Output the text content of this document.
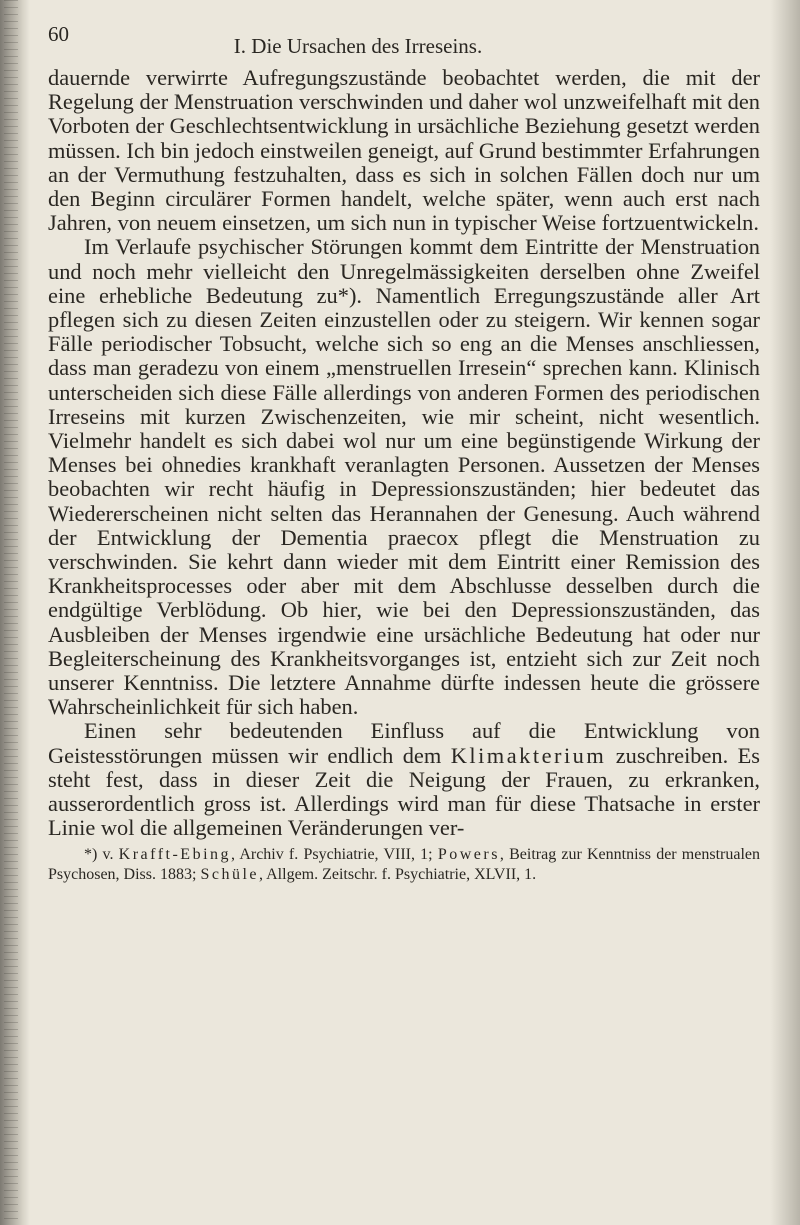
60	I. Die Ursachen des Irreseins.

dauernde verwirrte Aufregungszustände beobachtet werden, die mit der Regelung der Menstruation verschwinden und daher wol unzweifelhaft mit den Vorboten der Geschlechtsentwicklung in ursächliche Beziehung gesetzt werden müssen. Ich bin jedoch einstweilen geneigt, auf Grund bestimmter Erfahrungen an der Vermuthung festzuhalten, dass es sich in solchen Fällen doch nur um den Beginn circulärer Formen handelt, welche später, wenn auch erst nach Jahren, von neuem einsetzen, um sich nun in typischer Weise fortzuentwickeln.

Im Verlaufe psychischer Störungen kommt dem Eintritte der Menstruation und noch mehr vielleicht den Unregelmässigkeiten derselben ohne Zweifel eine erhebliche Bedeutung zu*). Namentlich Erregungszustände aller Art pflegen sich zu diesen Zeiten einzustellen oder zu steigern. Wir kennen sogar Fälle periodischer Tobsucht, welche sich so eng an die Menses anschliessen, dass man geradezu von einem „menstruellen Irresein“ sprechen kann. Klinisch unterscheiden sich diese Fälle allerdings von anderen Formen des periodischen Irreseins mit kurzen Zwischenzeiten, wie mir scheint, nicht wesentlich. Vielmehr handelt es sich dabei wol nur um eine begünstigende Wirkung der Menses bei ohnedies krankhaft veranlagten Personen. Aussetzen der Menses beobachten wir recht häufig in Depressionszuständen; hier bedeutet das Wiedererscheinen nicht selten das Herannahen der Genesung. Auch während der Entwicklung der Dementia praecox pflegt die Menstruation zu verschwinden. Sie kehrt dann wieder mit dem Eintritt einer Remission des Krankheitsprocesses oder aber mit dem Abschlusse desselben durch die endgültige Verblödung. Ob hier, wie bei den Depressionszuständen, das Ausbleiben der Menses irgendwie eine ursächliche Bedeutung hat oder nur Begleiterscheinung des Krankheitsvorganges ist, entzieht sich zur Zeit noch unserer Kenntniss. Die letztere Annahme dürfte indessen heute die grössere Wahrscheinlichkeit für sich haben.

Einen sehr bedeutenden Einfluss auf die Entwicklung von Geistesstörungen müssen wir endlich dem Klimakterium zuschreiben. Es steht fest, dass in dieser Zeit die Neigung der Frauen, zu erkranken, ausserordentlich gross ist. Allerdings wird man für diese Thatsache in erster Linie wol die allgemeinen Veränderungen ver-

*) v. Krafft-Ebing, Archiv f. Psychiatrie, VIII, 1; Powers, Beitrag zur Kenntniss der menstrualen Psychosen, Diss. 1883; Schüle, Allgem. Zeitschr. f. Psychiatrie, XLVII, 1.
